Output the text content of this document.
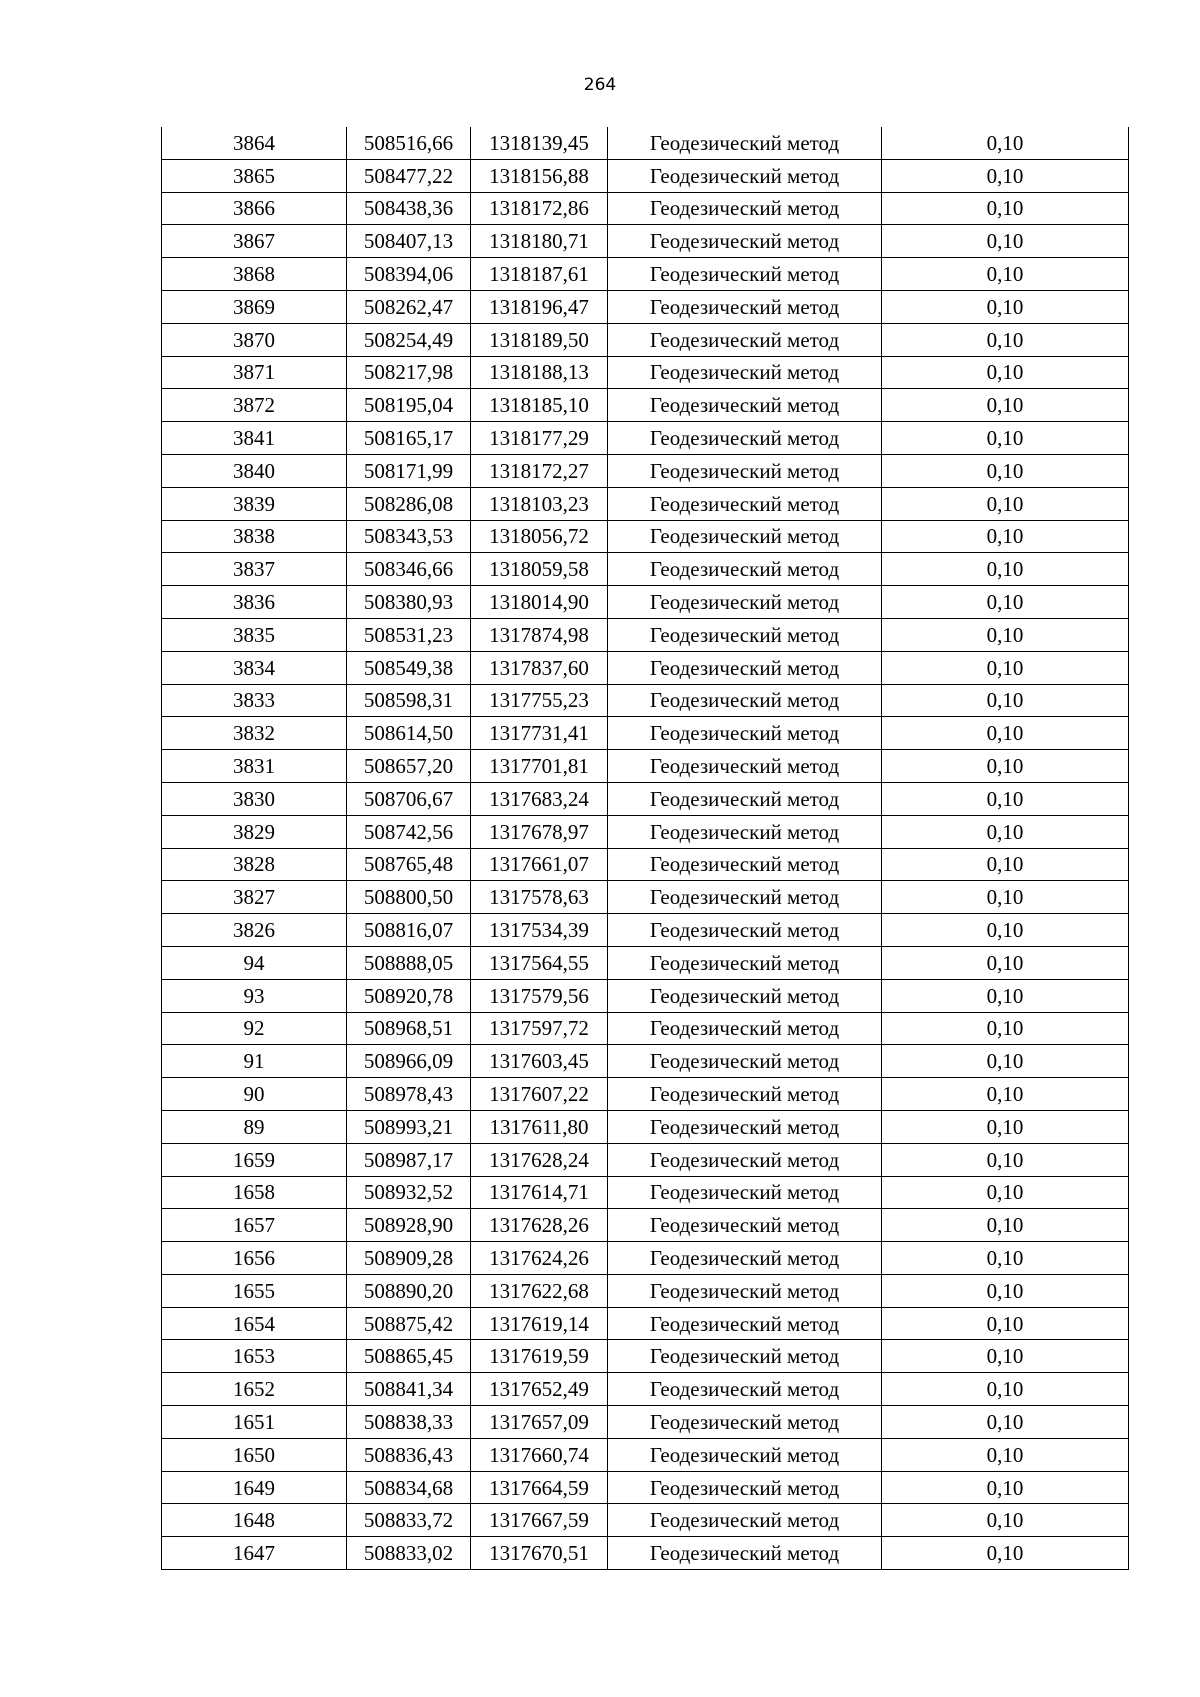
264
3864	508516,66	1318139,45	Геодезический метод	0,10
3865	508477,22	1318156,88	Геодезический метод	0,10
3866	508438,36	1318172,86	Геодезический метод	0,10
3867	508407,13	1318180,71	Геодезический метод	0,10
3868	508394,06	1318187,61	Геодезический метод	0,10
3869	508262,47	1318196,47	Геодезический метод	0,10
3870	508254,49	1318189,50	Геодезический метод	0,10
3871	508217,98	1318188,13	Геодезический метод	0,10
3872	508195,04	1318185,10	Геодезический метод	0,10
3841	508165,17	1318177,29	Геодезический метод	0,10
3840	508171,99	1318172,27	Геодезический метод	0,10
3839	508286,08	1318103,23	Геодезический метод	0,10
3838	508343,53	1318056,72	Геодезический метод	0,10
3837	508346,66	1318059,58	Геодезический метод	0,10
3836	508380,93	1318014,90	Геодезический метод	0,10
3835	508531,23	1317874,98	Геодезический метод	0,10
3834	508549,38	1317837,60	Геодезический метод	0,10
3833	508598,31	1317755,23	Геодезический метод	0,10
3832	508614,50	1317731,41	Геодезический метод	0,10
3831	508657,20	1317701,81	Геодезический метод	0,10
3830	508706,67	1317683,24	Геодезический метод	0,10
3829	508742,56	1317678,97	Геодезический метод	0,10
3828	508765,48	1317661,07	Геодезический метод	0,10
3827	508800,50	1317578,63	Геодезический метод	0,10
3826	508816,07	1317534,39	Геодезический метод	0,10
94	508888,05	1317564,55	Геодезический метод	0,10
93	508920,78	1317579,56	Геодезический метод	0,10
92	508968,51	1317597,72	Геодезический метод	0,10
91	508966,09	1317603,45	Геодезический метод	0,10
90	508978,43	1317607,22	Геодезический метод	0,10
89	508993,21	1317611,80	Геодезический метод	0,10
1659	508987,17	1317628,24	Геодезический метод	0,10
1658	508932,52	1317614,71	Геодезический метод	0,10
1657	508928,90	1317628,26	Геодезический метод	0,10
1656	508909,28	1317624,26	Геодезический метод	0,10
1655	508890,20	1317622,68	Геодезический метод	0,10
1654	508875,42	1317619,14	Геодезический метод	0,10
1653	508865,45	1317619,59	Геодезический метод	0,10
1652	508841,34	1317652,49	Геодезический метод	0,10
1651	508838,33	1317657,09	Геодезический метод	0,10
1650	508836,43	1317660,74	Геодезический метод	0,10
1649	508834,68	1317664,59	Геодезический метод	0,10
1648	508833,72	1317667,59	Геодезический метод	0,10
1647	508833,02	1317670,51	Геодезический метод	0,10
